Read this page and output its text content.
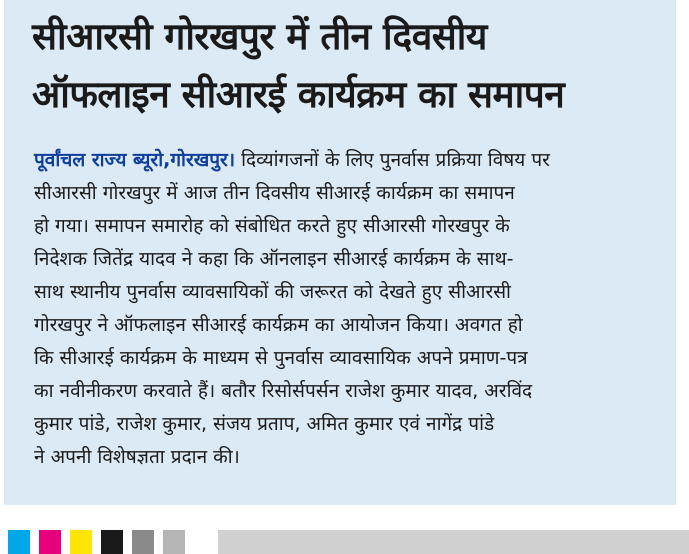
सीआरसी गोरखपुर में तीन दिवसीय
ऑफलाइन सीआरई कार्यक्रम का समापन
पूर्वांचल राज्य ब्यूरो,गोरखपुर। दिव्यांगजनों के लिए पुनर्वास प्रक्रिया विषय पर
सीआरसी गोरखपुर में आज तीन दिवसीय सीआरई कार्यक्रम का समापन
हो गया। समापन समारोह को संबोधित करते हुए सीआरसी गोरखपुर के
निदेशक जितेंद्र यादव ने कहा कि ऑनलाइन सीआरई कार्यक्रम के साथ-
साथ स्थानीय पुनर्वास व्यावसायिकों की जरूरत को देखते हुए सीआरसी
गोरखपुर ने ऑफलाइन सीआरई कार्यक्रम का आयोजन किया। अवगत हो
कि सीआरई कार्यक्रम के माध्यम से पुनर्वास व्यावसायिक अपने प्रमाण-पत्र
का नवीनीकरण करवाते हैं। बतौर रिसोर्सपर्सन राजेश कुमार यादव, अरविंद
कुमार पांडे, राजेश कुमार, संजय प्रताप, अमित कुमार एवं नागेंद्र पांडे
ने अपनी विशेषज्ञता प्रदान की।
